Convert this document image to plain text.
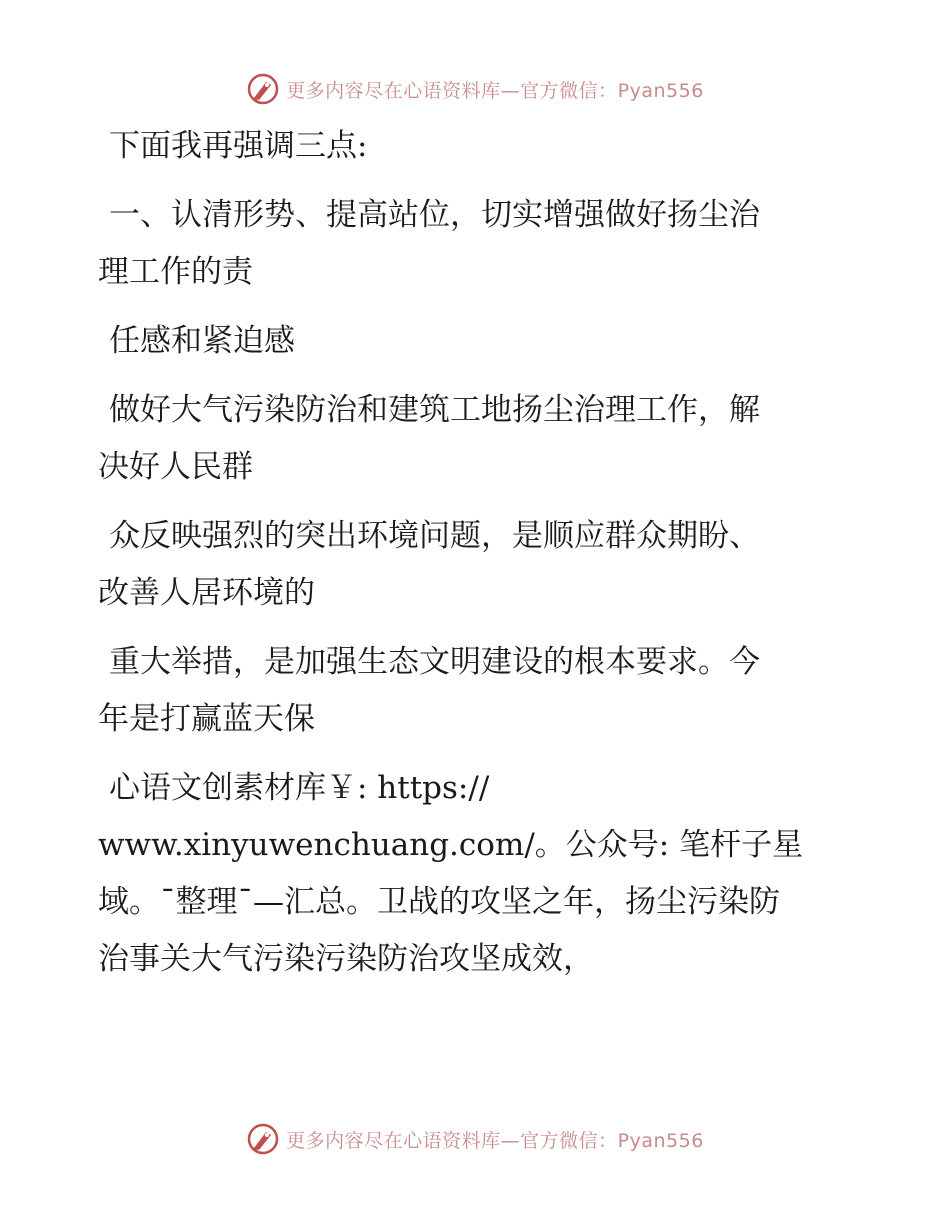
更多内容尽在心语资料库—官方微信：Pyan556

下面我再强调三点:

一、认清形势、提高站位，切实增强做好扬尘治
理工作的责

任感和紧迫感

做好大气污染防治和建筑工地扬尘治理工作，解
决好人民群

众反映强烈的突出环境问题，是顺应群众期盼、
改善人居环境的

重大举措，是加强生态文明建设的根本要求。今
年是打赢蓝天保

心语文创素材库￥: https://
www.xinyuwenchuang.com/。公众号: 笔杆子星
域。¯整理¯—汇总。卫战的攻坚之年，扬尘污染防
治事关大气污染污染防治攻坚成效，

更多内容尽在心语资料库—官方微信：Pyan556
